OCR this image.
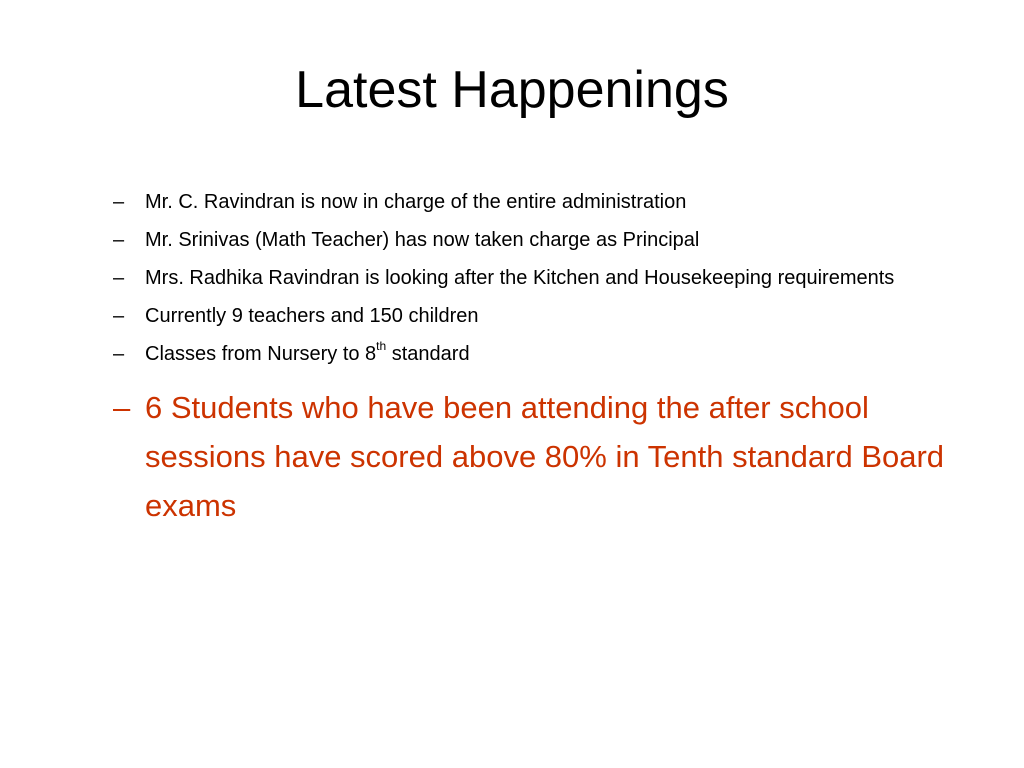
Latest Happenings
– Mr. C. Ravindran is now in charge of the entire administration
– Mr. Srinivas (Math Teacher) has now taken charge as Principal
– Mrs. Radhika Ravindran is looking after the Kitchen and Housekeeping requirements
– Currently 9 teachers and 150 children
– Classes from Nursery to 8th standard
– 6 Students who have been attending the after school sessions have scored above 80% in Tenth standard Board exams
